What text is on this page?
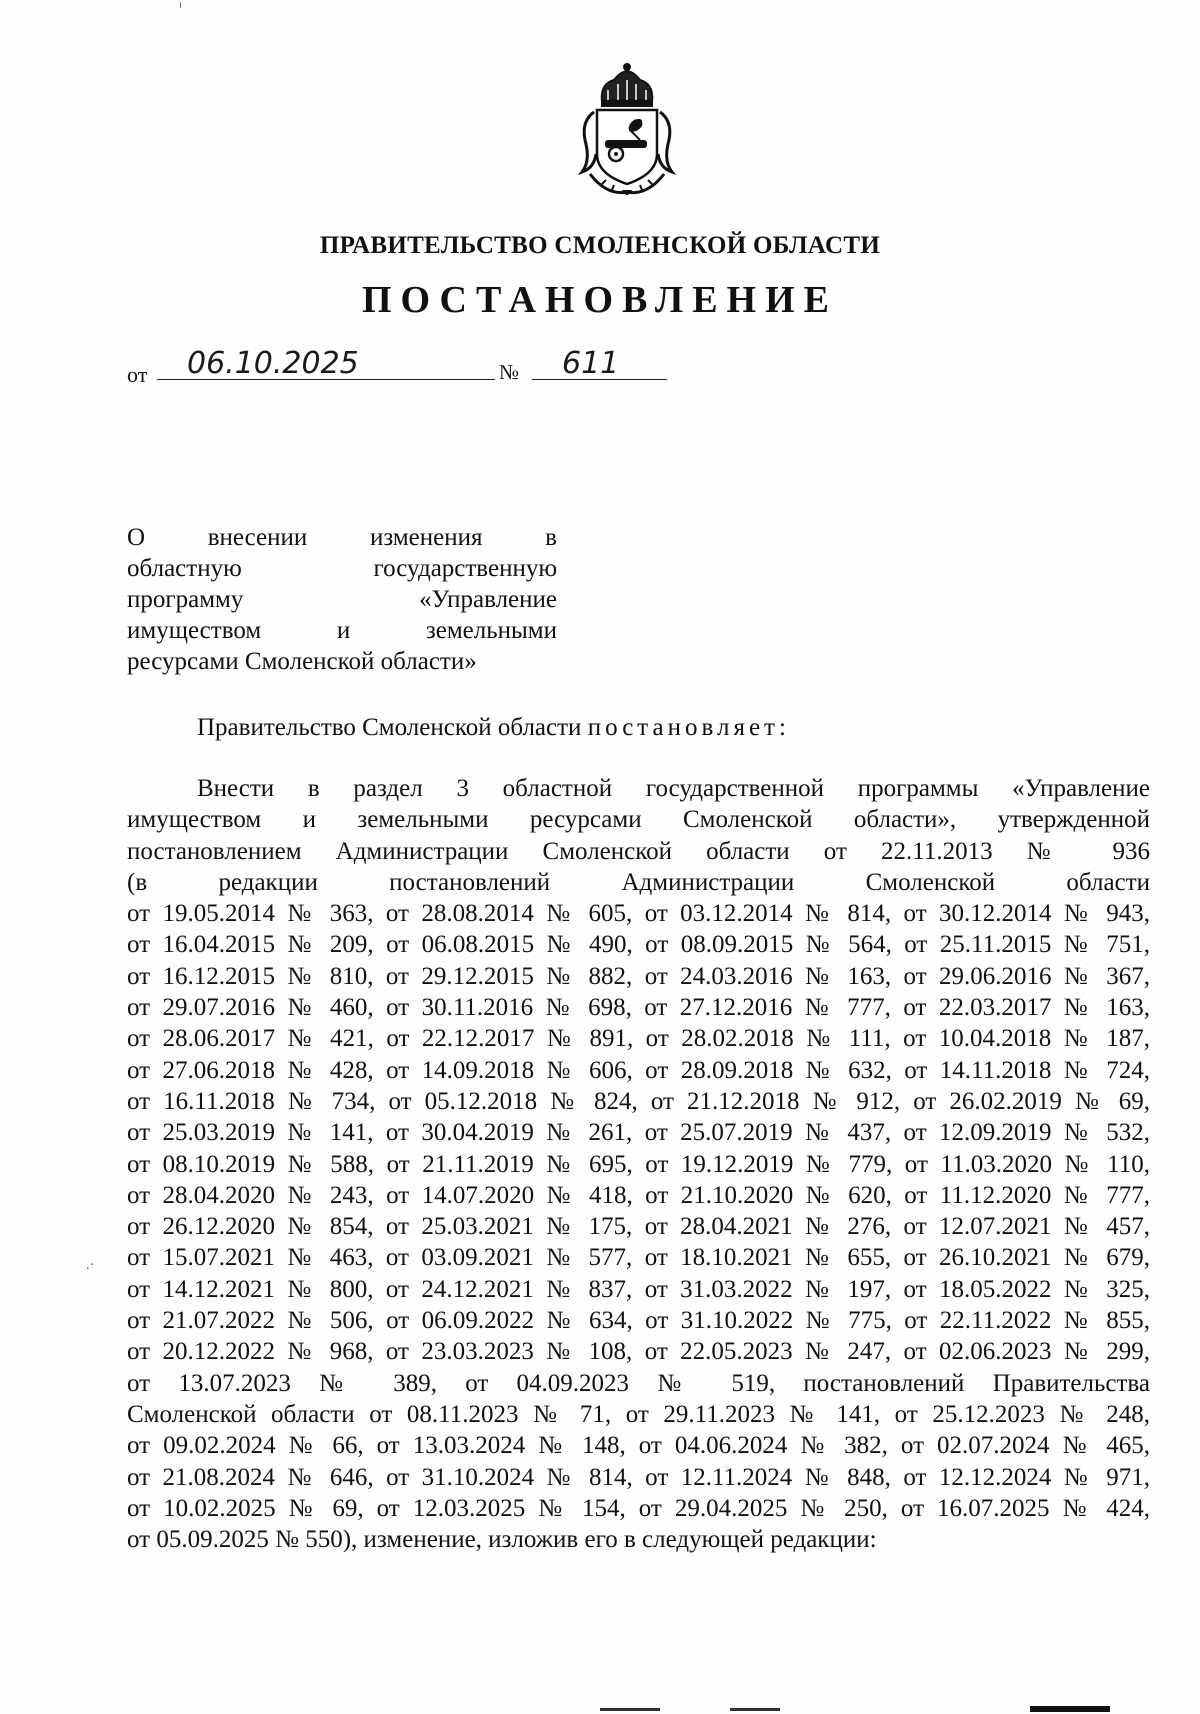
ПРАВИТЕЛЬСТВО СМОЛЕНСКОЙ ОБЛАСТИ
ПОСТАНОВЛЕНИЕ
от	06.10.2025	№	611
О внесении изменения в
областную государственную
программу «Управление
имуществом и земельными
ресурсами Смоленской области»
Правительство Смоленской области постановляет:
Внести в раздел 3 областной государственной программы «Управление
имуществом и земельными ресурсами Смоленской области», утвержденной
постановлением Администрации Смоленской области от 22.11.2013 № 936
(в редакции постановлений Администрации Смоленской области
от 19.05.2014 № 363, от 28.08.2014 № 605, от 03.12.2014 № 814, от 30.12.2014 № 943,
от 16.04.2015 № 209, от 06.08.2015 № 490, от 08.09.2015 № 564, от 25.11.2015 № 751,
от 16.12.2015 № 810, от 29.12.2015 № 882, от 24.03.2016 № 163, от 29.06.2016 № 367,
от 29.07.2016 № 460, от 30.11.2016 № 698, от 27.12.2016 № 777, от 22.03.2017 № 163,
от 28.06.2017 № 421, от 22.12.2017 № 891, от 28.02.2018 № 111, от 10.04.2018 № 187,
от 27.06.2018 № 428, от 14.09.2018 № 606, от 28.09.2018 № 632, от 14.11.2018 № 724,
от 16.11.2018 № 734, от 05.12.2018 № 824, от 21.12.2018 № 912, от 26.02.2019 № 69,
от 25.03.2019 № 141, от 30.04.2019 № 261, от 25.07.2019 № 437, от 12.09.2019 № 532,
от 08.10.2019 № 588, от 21.11.2019 № 695, от 19.12.2019 № 779, от 11.03.2020 № 110,
от 28.04.2020 № 243, от 14.07.2020 № 418, от 21.10.2020 № 620, от 11.12.2020 № 777,
от 26.12.2020 № 854, от 25.03.2021 № 175, от 28.04.2021 № 276, от 12.07.2021 № 457,
от 15.07.2021 № 463, от 03.09.2021 № 577, от 18.10.2021 № 655, от 26.10.2021 № 679,
от 14.12.2021 № 800, от 24.12.2021 № 837, от 31.03.2022 № 197, от 18.05.2022 № 325,
от 21.07.2022 № 506, от 06.09.2022 № 634, от 31.10.2022 № 775, от 22.11.2022 № 855,
от 20.12.2022 № 968, от 23.03.2023 № 108, от 22.05.2023 № 247, от 02.06.2023 № 299,
от 13.07.2023 № 389, от 04.09.2023 № 519, постановлений Правительства
Смоленской области от 08.11.2023 № 71, от 29.11.2023 № 141, от 25.12.2023 № 248,
от 09.02.2024 № 66, от 13.03.2024 № 148, от 04.06.2024 № 382, от 02.07.2024 № 465,
от 21.08.2024 № 646, от 31.10.2024 № 814, от 12.11.2024 № 848, от 12.12.2024 № 971,
от 10.02.2025 № 69, от 12.03.2025 № 154, от 29.04.2025 № 250, от 16.07.2025 № 424,
от 05.09.2025 № 550), изменение, изложив его в следующей редакции:
.·
